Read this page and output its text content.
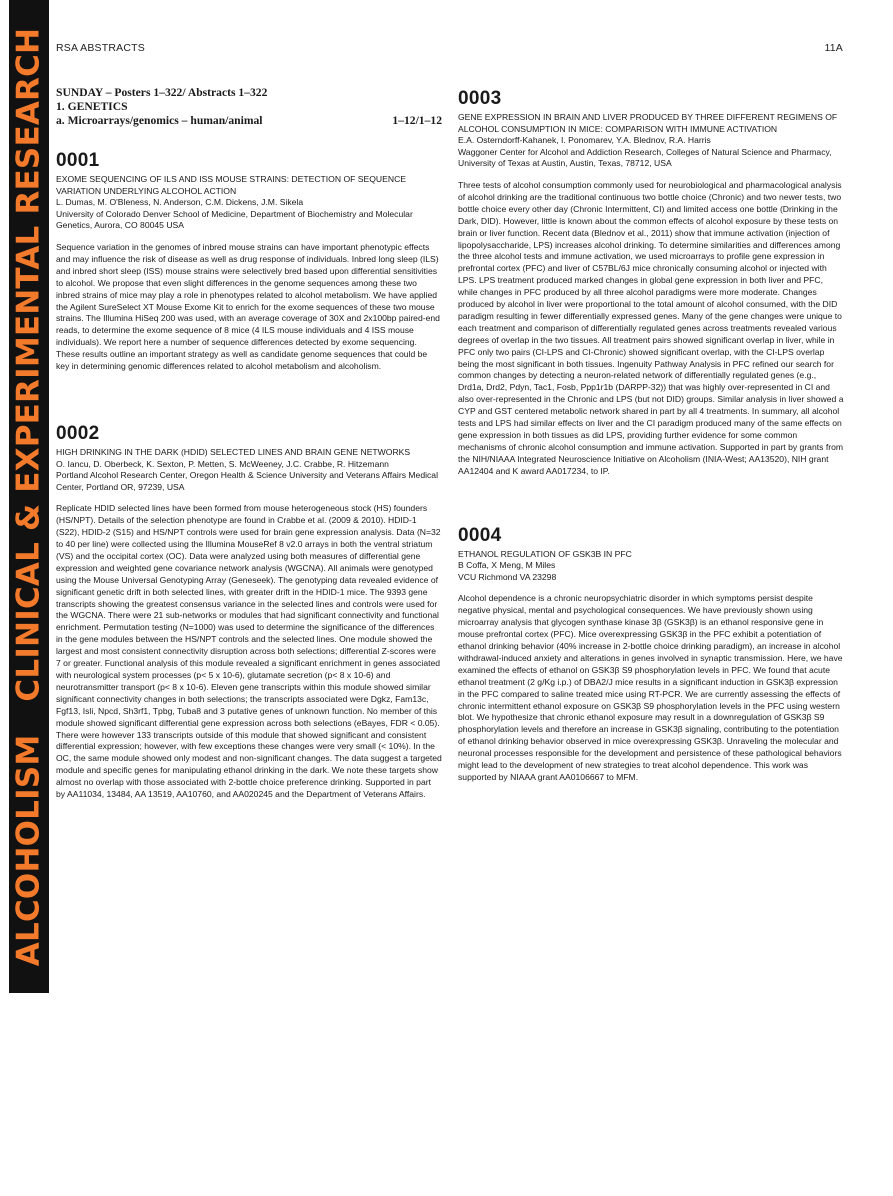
ALCOHOLISM   CLINICAL & EXPERIMENTAL RESEARCH RSA ABSTRACTS	11A
SUNDAY – Posters 1–322/ Abstracts 1–322
1. GENETICS
a. Microarrays/genomics – human/animal	1–12/1–12
0001
EXOME SEQUENCING OF ILS AND ISS MOUSE STRAINS: DETECTION OF SEQUENCE VARIATION UNDERLYING ALCOHOL ACTION
L. Dumas, M. O'Bleness, N. Anderson, C.M. Dickens, J.M. Sikela
University of Colorado Denver School of Medicine, Department of Biochemistry and Molecular Genetics, Aurora, CO 80045 USA
Sequence variation in the genomes of inbred mouse strains can have important phenotypic effects and may influence the risk of disease as well as drug response of individuals. Inbred long sleep (ILS) and inbred short sleep (ISS) mouse strains were selectively bred based upon differential sensitivities to alcohol. We propose that even slight differences in the genome sequences among these two inbred strains of mice may play a role in phenotypes related to alcohol metabolism. We have applied the Agilent SureSelect XT Mouse Exome Kit to enrich for the exome sequences of these two mouse strains. The Illumina HiSeq 200 was used, with an average coverage of 30X and 2x100bp paired-end reads, to determine the exome sequence of 8 mice (4 ILS mouse individuals and 4 ISS mouse individuals). We report here a number of sequence differences detected by exome sequencing. These results outline an important strategy as well as candidate genome sequences that could be key in determining genomic differences related to alcohol metabolism and alcoholism.
0002
HIGH DRINKING IN THE DARK (HDID) SELECTED LINES AND BRAIN GENE NETWORKS
O. Iancu, D. Oberbeck, K. Sexton, P. Metten, S. McWeeney, J.C. Crabbe, R. Hitzemann
Portland Alcohol Research Center, Oregon Health & Science University and Veterans Affairs Medical Center, Portland OR, 97239, USA
Replicate HDID selected lines have been formed from mouse heterogeneous stock (HS) founders (HS/NPT). Details of the selection phenotype are found in Crabbe et al. (2009 & 2010). HDID-1 (S22), HDID-2 (S15) and HS/NPT controls were used for brain gene expression analysis. Data (N=32 to 40 per line) were collected using the Illumina MouseRef 8 v2.0 arrays in both the ventral striatum (VS) and the occipital cortex (OC). Data were analyzed using both measures of differential gene expression and weighted gene covariance network analysis (WGCNA). All animals were genotyped using the Mouse Universal Genotyping Array (Geneseek). The genotyping data revealed evidence of significant genetic drift in both selected lines, with greater drift in the HDID-1 mice. The 9393 gene transcripts showing the greatest consensus variance in the selected lines and controls were used for the WGCNA. There were 21 sub-networks or modules that had significant connectivity and functional enrichment. Permutation testing (N=1000) was used to determine the significance of the differences in the gene modules between the HS/NPT controls and the selected lines. One module showed the largest and most consistent connectivity disruption across both selections; differential Z-scores were 7 or greater. Functional analysis of this module revealed a significant enrichment in genes associated with neurological system processes (p< 5 x 10-6), glutamate secretion (p< 8 x 10-6) and neurotransmitter transport (p< 8 x 10-6). Eleven gene transcripts within this module showed similar significant connectivity changes in both selections; the transcripts associated were Dgkz, Fam13c, Fgf13, Isli, Npcd, Sh3rf1, Tpbg, Tuba8 and 3 putative genes of unknown function. No member of this module showed significant differential gene expression across both selections (eBayes, FDR < 0.05). There were however 133 transcripts outside of this module that showed significant and consistent differential expression; however, with few exceptions these changes were very small (< 10%). In the OC, the same module showed only modest and non-significant changes. The data suggest a targeted module and specific genes for manipulating ethanol drinking in the dark. We note these targets show almost no overlap with those associated with 2-bottle choice preference drinking. Supported in part by AA11034, 13484, AA 13519, AA10760, and AA020245 and the Department of Veterans Affairs.
0003
GENE EXPRESSION IN BRAIN AND LIVER PRODUCED BY THREE DIFFERENT REGIMENS OF ALCOHOL CONSUMPTION IN MICE: COMPARISON WITH IMMUNE ACTIVATION
E.A. Osterndorff-Kahanek, I. Ponomarev, Y.A. Blednov, R.A. Harris
Waggoner Center for Alcohol and Addiction Research, Colleges of Natural Science and Pharmacy, University of Texas at Austin, Austin, Texas, 78712, USA
Three tests of alcohol consumption commonly used for neurobiological and pharmacological analysis of alcohol drinking are the traditional continuous two bottle choice (Chronic) and two newer tests, two bottle choice every other day (Chronic Intermittent, CI) and limited access one bottle (Drinking in the Dark, DID). However, little is known about the common effects of alcohol exposure by these tests on brain or liver function. Recent data (Blednov et al., 2011) show that immune activation (injection of lipopolysaccharide, LPS) increases alcohol drinking. To determine similarities and differences among the three alcohol tests and immune activation, we used microarrays to profile gene expression in prefrontal cortex (PFC) and liver of C57BL/6J mice chronically consuming alcohol or injected with LPS. LPS treatment produced marked changes in global gene expression in both liver and PFC, while changes in PFC produced by all three alcohol paradigms were more moderate. Changes produced by alcohol in liver were proportional to the total amount of alcohol consumed, with the DID paradigm resulting in fewer differentially expressed genes. Many of the gene changes were unique to each treatment and comparison of differentially regulated genes across treatments revealed various degrees of overlap in the two tissues. All treatment pairs showed significant overlap in liver, while in PFC only two pairs (CI-LPS and CI-Chronic) showed significant overlap, with the CI-LPS overlap being the most significant in both tissues. Ingenuity Pathway Analysis in PFC refined our search for common changes by detecting a neuron-related network of differentially regulated genes (e.g., Drd1a, Drd2, Pdyn, Tac1, Fosb, Ppp1r1b (DARPP-32)) that was highly over-represented in CI and also over-represented in the Chronic and LPS (but not DID) groups. Similar analysis in liver showed a CYP and GST centered metabolic network shared in part by all 4 treatments. In summary, all alcohol tests and LPS had similar effects on liver and the CI paradigm produced many of the same effects on gene expression in both tissues as did LPS, providing further evidence for some common mechanisms of chronic alcohol consumption and immune activation. Supported in part by grants from the NIH/NIAAA Integrated Neuroscience Initiative on Alcoholism (INIA-West; AA13520), NIH grant AA12404 and K award AA017234, to IP.
0004
ETHANOL REGULATION OF GSK3B IN PFC
B Coffa, X Meng, M Miles
VCU Richmond VA 23298
Alcohol dependence is a chronic neuropsychiatric disorder in which symptoms persist despite negative physical, mental and psychological consequences. We have previously shown using microarray analysis that glycogen synthase kinase 3β (GSK3β) is an ethanol responsive gene in mouse prefrontal cortex (PFC). Mice overexpressing GSK3β in the PFC exhibit a potentiation of ethanol drinking behavior (40% increase in 2-bottle choice drinking paradigm), an increase in alcohol withdrawal-induced anxiety and alterations in genes involved in synaptic transmission. Here, we have examined the effects of ethanol on GSK3β S9 phosphorylation levels in PFC. We found that acute ethanol treatment (2 g/Kg i.p.) of DBA2/J mice results in a significant induction in GSK3β expression in the PFC compared to saline treated mice using RT-PCR. We are currently assessing the effects of chronic intermittent ethanol exposure on GSK3β S9 phosphorylation levels in the PFC using western blot. We hypothesize that chronic ethanol exposure may result in a downregulation of GSK3β S9 phosphorylation levels and therefore an increase in GSK3β signaling, contributing to the potentiation of ethanol drinking behavior observed in mice overexpressing GSK3β. Unraveling the molecular and neuronal processes responsible for the development and persistence of these pathological behaviors might lead to the development of new strategies to treat alcohol dependence. This work was supported by NIAAA grant AA0106667 to MFM.
